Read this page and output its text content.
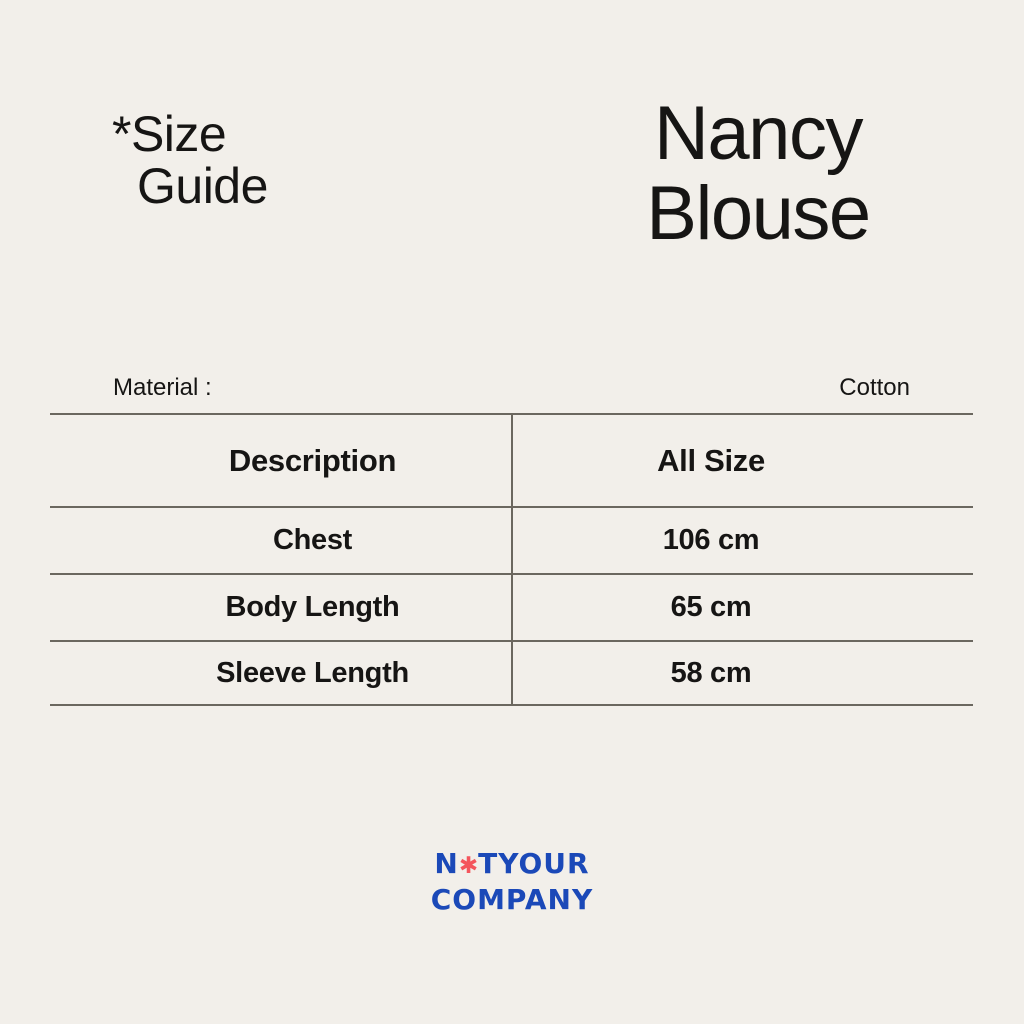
*Size
Guide
Nancy
Blouse
Material :	Cotton
Description	All Size
Chest	106 cm
Body Length	65 cm
Sleeve Length	58 cm
N✱TYOUR
COMPANY
